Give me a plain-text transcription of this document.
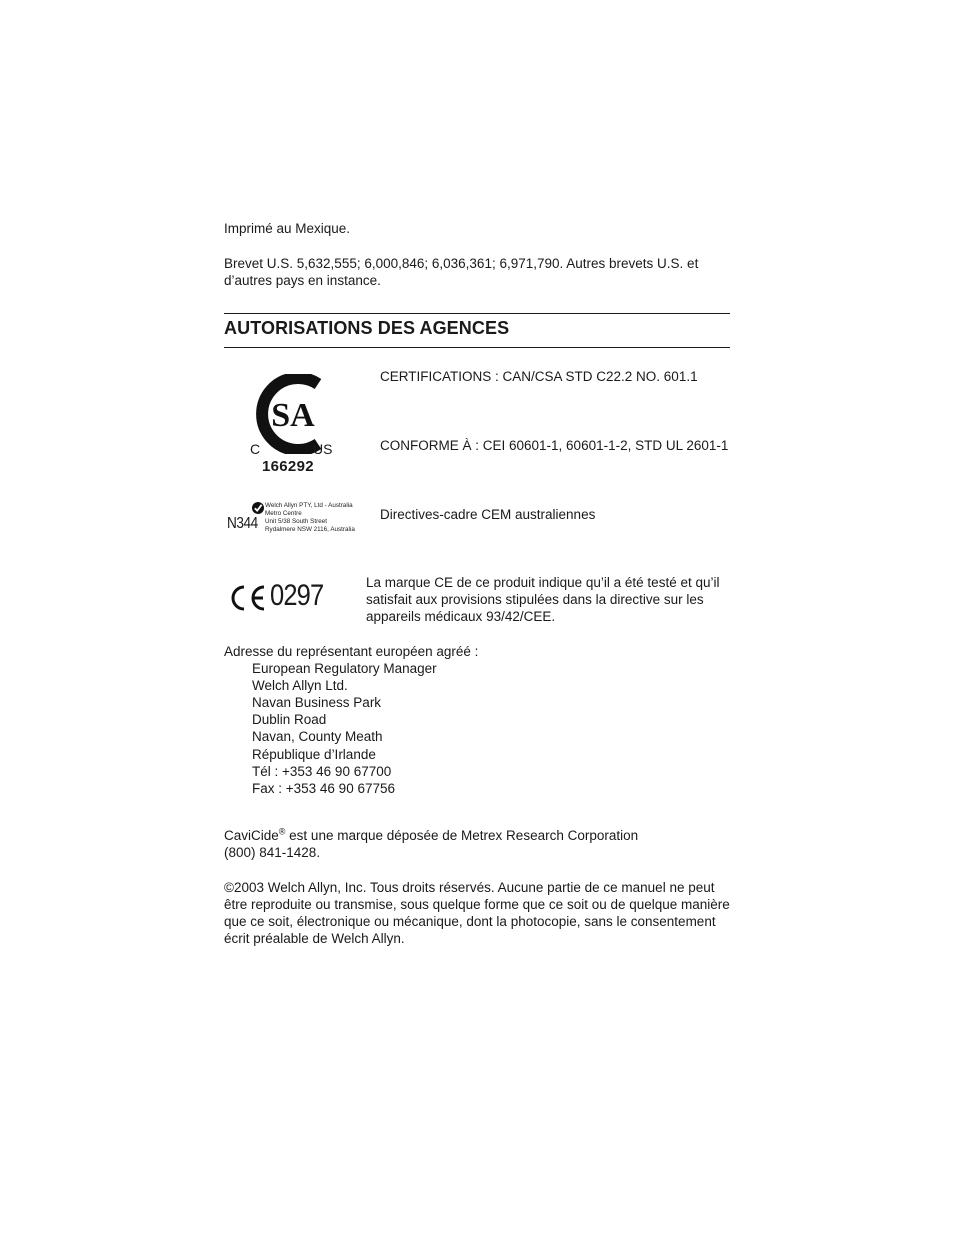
Imprimé au Mexique.

Brevet U.S. 5,632,555; 6,000,846; 6,036,361; 6,971,790. Autres brevets U.S. et d’autres pays en instance.

AUTORISATIONS DES AGENCES
SA
C	US
166292
CERTIFICATIONS : CAN/CSA STD C22.2 NO. 601.1
CONFORME À : CEI 60601-1, 60601-1-2, STD UL 2601-1
N344
Welch Allyn PTY, Ltd - Australia
Metro Centre
Unit 5/38 South Street
Rydalmere NSW 2116, Australia
Directives-cadre CEM australiennes
0297	La marque CE de ce produit indique qu’il a été testé et qu’il satisfait aux provisions stipulées dans la directive sur les appareils médicaux 93/42/CEE.
Adresse du représentant européen agréé :
European Regulatory Manager
Welch Allyn Ltd.
Navan Business Park
Dublin Road
Navan, County Meath
République d’Irlande
Tél : +353 46 90 67700
Fax : +353 46 90 67756
CaviCide® est une marque déposée de Metrex Research Corporation
(800) 841-1428.

©2003 Welch Allyn, Inc. Tous droits réservés. Aucune partie de ce manuel ne peut être reproduite ou transmise, sous quelque forme que ce soit ou de quelque manière que ce soit, électronique ou mécanique, dont la photocopie, sans le consentement écrit préalable de Welch Allyn.
